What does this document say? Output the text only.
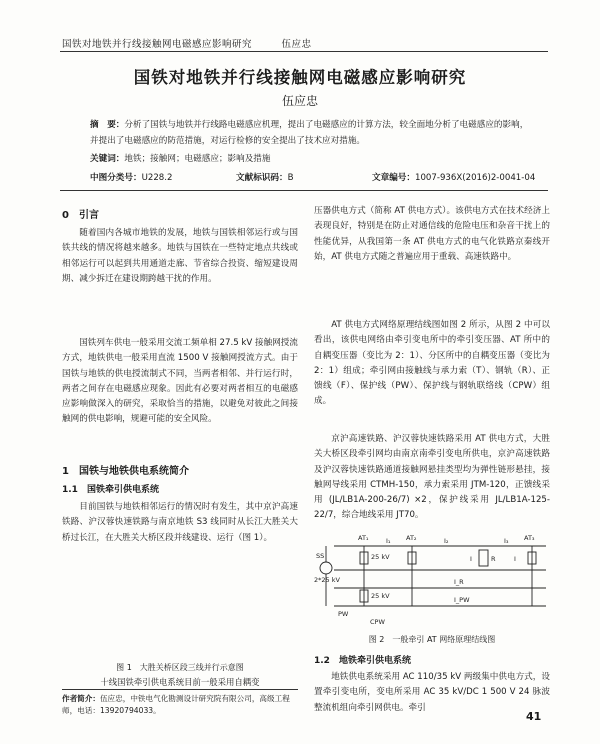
国铁对地铁并行线接触网电磁感应影响研究	伍应忠
国铁对地铁并行线接触网电磁感应影响研究
伍应忠
摘　要：分析了国铁与地铁并行线路电磁感应机理，提出了电磁感应的计算方法，较全面地分析了电磁感应的影响，并提出了电磁感应的防范措施，对运行检修的安全提出了技术应对措施。
关键词：地铁；接触网；电磁感应；影响及措施
中图分类号：U228.2	文献标识码：B	文章编号：1007-936X(2016)2-0041-04
0　引言
随着国内各城市地铁的发展，地铁与国铁相邻运行或与国铁共线的情况将越来越多。地铁与国铁在一些特定地点共线或相邻运行可以起到共用通道走廊、节省综合投资、缩短建设周期、减少拆迁在建设期跨越干扰的作用。
国铁列车供电一般采用交流工频单相 27.5 kV 接触网授流方式，地铁供电一般采用直流 1500 V 接触网授流方式。由于国铁与地铁的供电授流制式不同，当两者相邻、并行运行时，两者之间存在电磁感应现象。因此有必要对两者相互的电磁感应影响做深入的研究，采取恰当的措施，以避免对彼此之间接触网的供电影响，规避可能的安全风险。
1　国铁与地铁供电系统简介
1.1　国铁牵引供电系统
目前国铁与地铁相邻运行的情况时有发生，其中京沪高速铁路、沪汉蓉快速铁路与南京地铁 S3 线同时从长江大胜关大桥过长江，在大胜关大桥区段并线建设、运行（图 1）。
图 1　大胜关桥区段三线并行示意图
十线国铁牵引供电系统目前一般采用自耦变
作者简介：伍应忠，中铁电气化勘测设计研究院有限公司，高级工程师，电话：13920794033。
压器供电方式（简称 AT 供电方式）。该供电方式在技术经济上表现良好，特别是在防止对通信线的危险电压和杂音干扰上的性能优异，从我国第一条 AT 供电方式的电气化铁路京秦线开始，AT 供电方式随之普遍应用于重载、高速铁路中。
AT 供电方式网络原理结线图如图 2 所示，从图 2 中可以看出，该供电网络由牵引变电所中的牵引变压器、AT 所中的自耦变压器（变比为 2：1）、分区所中的自耦变压器（变比为 2：1）组成；牵引网由接触线与承力索（T）、钢轨（R）、正馈线（F）、保护线（PW）、保护线与钢轨联络线（CPW）组成。
京沪高速铁路、沪汉蓉快速铁路采用 AT 供电方式，大胜关大桥区段牵引网均由南京南牵引变电所供电，京沪高速铁路及沪汉蓉快速铁路通道接触网悬挂类型均为弹性链形悬挂，接触网导线采用 CTMH-150，承力索采用 JTM-120，正馈线采用 (JL/LB1A-200-26/7) ×2，保护线采用 JL/LB1A-125-22/7，综合地线采用 JT70。
SS
2*25 kV
AT₁	AT₂	AT₃
25 kV
25 kV
I₁	I₂	I₃
I	R	I
I_R
I_PW
PW
CPW
图 2　一般牵引 AT 网络原理结线图
1.2　地铁牵引供电系统
地铁供电系统采用 AC 110/35 kV 两级集中供电方式，设置牵引变电所，变电所采用 AC 35 kV/DC 1 500 V 24 脉波整流机组向牵引网供电。牵引
41
